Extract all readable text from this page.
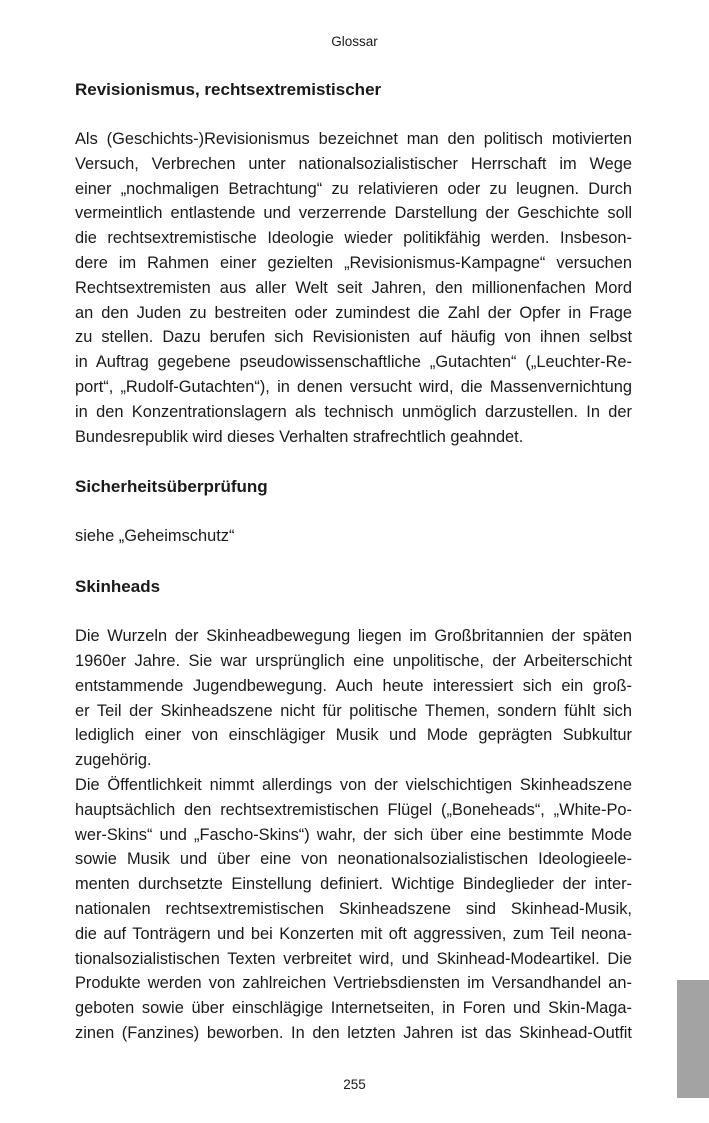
Glossar
Revisionismus, rechtsextremistischer
Als (Geschichts-)Revisionismus bezeichnet man den politisch motivierten
Versuch, Verbrechen unter nationalsozialistischer Herrschaft im Wege
einer „nochmaligen Betrachtung“ zu relativieren oder zu leugnen. Durch
vermeintlich entlastende und verzerrende Darstellung der Geschichte soll
die rechtsextremistische Ideologie wieder politikfähig werden. Insbeson-
dere im Rahmen einer gezielten „Revisionismus-Kampagne“ versuchen
Rechtsextremisten aus aller Welt seit Jahren, den millionenfachen Mord
an den Juden zu bestreiten oder zumindest die Zahl der Opfer in Frage
zu stellen. Dazu berufen sich Revisionisten auf häufig von ihnen selbst
in Auftrag gegebene pseudowissenschaftliche „Gutachten“ („Leuchter-Re-
port“, „Rudolf-Gutachten“), in denen versucht wird, die Massenvernichtung
in den Konzentrationslagern als technisch unmöglich darzustellen. In der
Bundesrepublik wird dieses Verhalten strafrechtlich geahndet.
Sicherheitsüberprüfung
siehe „Geheimschutz“
Skinheads
Die Wurzeln der Skinheadbewegung liegen im Großbritannien der späten
1960er Jahre. Sie war ursprünglich eine unpolitische, der Arbeiterschicht
entstammende Jugendbewegung. Auch heute interessiert sich ein groß-
er Teil der Skinheadszene nicht für politische Themen, sondern fühlt sich
lediglich einer von einschlägiger Musik und Mode geprägten Subkultur
zugehörig.
Die Öffentlichkeit nimmt allerdings von der vielschichtigen Skinheadszene
hauptsächlich den rechtsextremistischen Flügel („Boneheads“, „White-Po-
wer-Skins“ und „Fascho-Skins“) wahr, der sich über eine bestimmte Mode
sowie Musik und über eine von neonationalsozialistischen Ideologieele-
menten durchsetzte Einstellung definiert. Wichtige Bindeglieder der inter-
nationalen rechtsextremistischen Skinheadszene sind Skinhead-Musik,
die auf Tonträgern und bei Konzerten mit oft aggressiven, zum Teil neona-
tionalsozialistischen Texten verbreitet wird, und Skinhead-Modeartikel. Die
Produkte werden von zahlreichen Vertriebsdiensten im Versandhandel an-
geboten sowie über einschlägige Internetseiten, in Foren und Skin-Maga-
zinen (Fanzines) beworben. In den letzten Jahren ist das Skinhead-Outfit
255
